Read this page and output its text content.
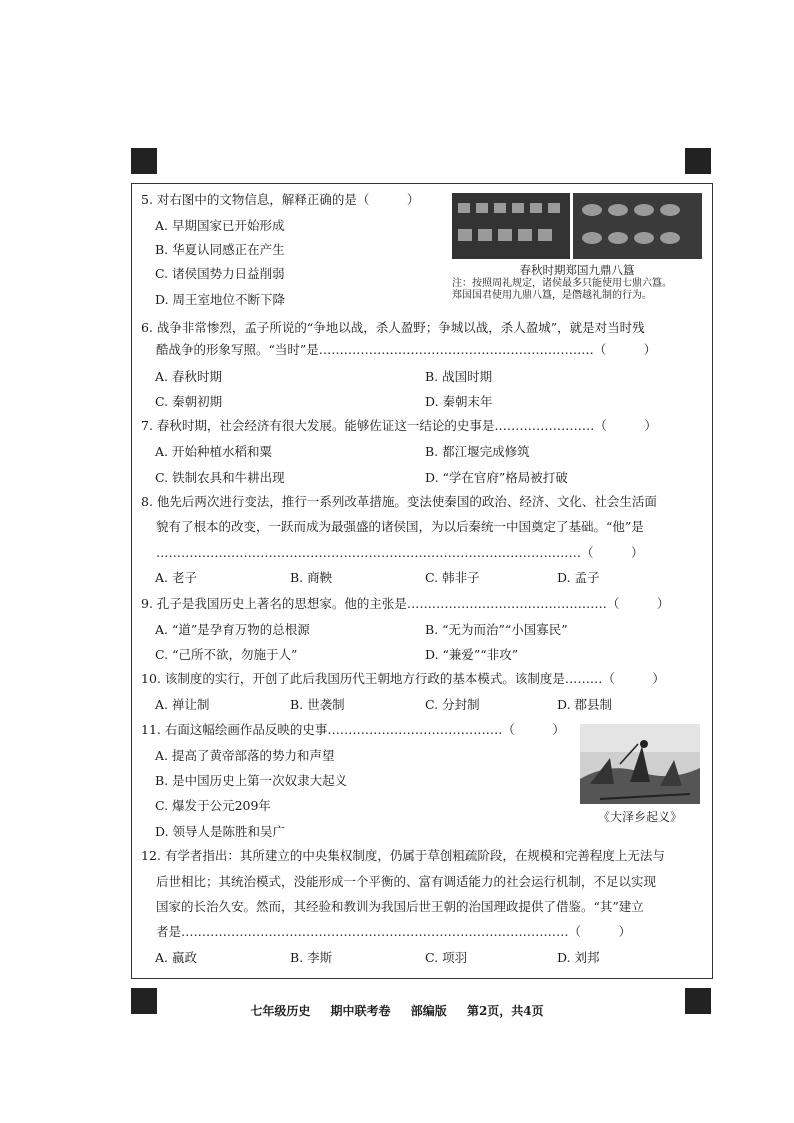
5. 对右图中的文物信息，解释正确的是（　　　）
A. 早期国家已开始形成
B. 华夏认同感正在产生
C. 诸侯国势力日益削弱
D. 周王室地位不断下降
春秋时期郑国九鼎八簋
注：按照周礼规定，诸侯最多只能使用七鼎六簋。
郑国国君使用九鼎八簋，是僭越礼制的行为。
6. 战争非常惨烈，孟子所说的“争地以战，杀人盈野；争城以战，杀人盈城”，就是对当时残
酷战争的形象写照。“当时”是…………………………………………………………（　　　）
A. 春秋时期	B. 战国时期
C. 秦朝初期	D. 秦朝末年
7. 春秋时期，社会经济有很大发展。能够佐证这一结论的史事是……………………（　　　）
A. 开始种植水稻和粟	B. 都江堰完成修筑
C. 铁制农具和牛耕出现	D. “学在官府”格局被打破
8. 他先后两次进行变法，推行一系列改革措施。变法使秦国的政治、经济、文化、社会生活面
貌有了根本的改变，一跃而成为最强盛的诸侯国，为以后秦统一中国奠定了基础。“他”是
…………………………………………………………………………………………（　　　）
A. 老子	B. 商鞅	C. 韩非子	D. 孟子
9. 孔子是我国历史上著名的思想家。他的主张是…………………………………………（　　　）
A. “道”是孕育万物的总根源	B. “无为而治”“小国寡民”
C. “己所不欲，勿施于人”	D. “兼爱”“非攻”
10. 该制度的实行，开创了此后我国历代王朝地方行政的基本模式。该制度是………（　　　）
A. 禅让制	B. 世袭制	C. 分封制	D. 郡县制
11. 右面这幅绘画作品反映的史事……………………………………（　　　）
A. 提高了黄帝部落的势力和声望
B. 是中国历史上第一次奴隶大起义
C. 爆发于公元209年
D. 领导人是陈胜和吴广
《大泽乡起义》
12. 有学者指出：其所建立的中央集权制度，仍属于草创粗疏阶段，在规模和完善程度上无法与
后世相比；其统治模式，没能形成一个平衡的、富有调适能力的社会运行机制，不足以实现
国家的长治久安。然而，其经验和教训为我国后世王朝的治国理政提供了借鉴。“其”建立
者是…………………………………………………………………………………（　　　）
A. 嬴政	B. 李斯	C. 项羽	D. 刘邦
七年级历史 期中联考卷 部编版 第2页，共4页
